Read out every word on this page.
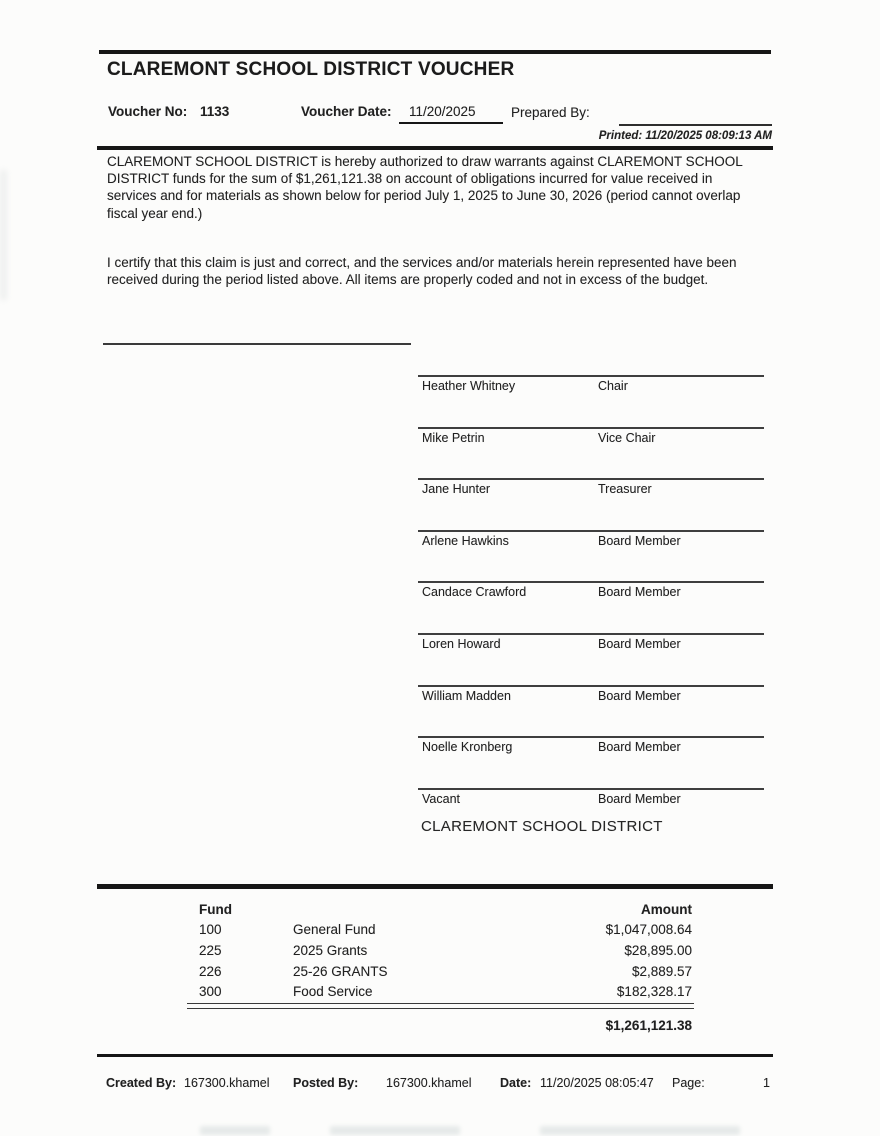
CLAREMONT SCHOOL DISTRICT VOUCHER
Voucher No: 1133	Voucher Date: 11/20/2025	Prepared By:
Printed: 11/20/2025 08:09:13 AM
CLAREMONT SCHOOL DISTRICT is hereby authorized to draw warrants against CLAREMONT SCHOOL DISTRICT funds for the sum of $1,261,121.38 on account of obligations incurred for value received in services and for materials as shown below for period July 1, 2025 to June 30, 2026 (period cannot overlap fiscal year end.)
I certify that this claim is just and correct, and the services and/or materials herein represented have been received during the period listed above. All items are properly coded and not in excess of the budget.
Heather Whitney	Chair
Mike Petrin	Vice Chair
Jane Hunter	Treasurer
Arlene Hawkins	Board Member
Candace Crawford	Board Member
Loren Howard	Board Member
William Madden	Board Member
Noelle Kronberg	Board Member
Vacant	Board Member
CLAREMONT SCHOOL DISTRICT
Fund	Amount
100	General Fund	$1,047,008.64
225	2025 Grants	$28,895.00
226	25-26 GRANTS	$2,889.57
300	Food Service	$182,328.17
$1,261,121.38
Created By: 167300.khamel Posted By: 167300.khamel Date: 11/20/2025 08:05:47 Page:	1
